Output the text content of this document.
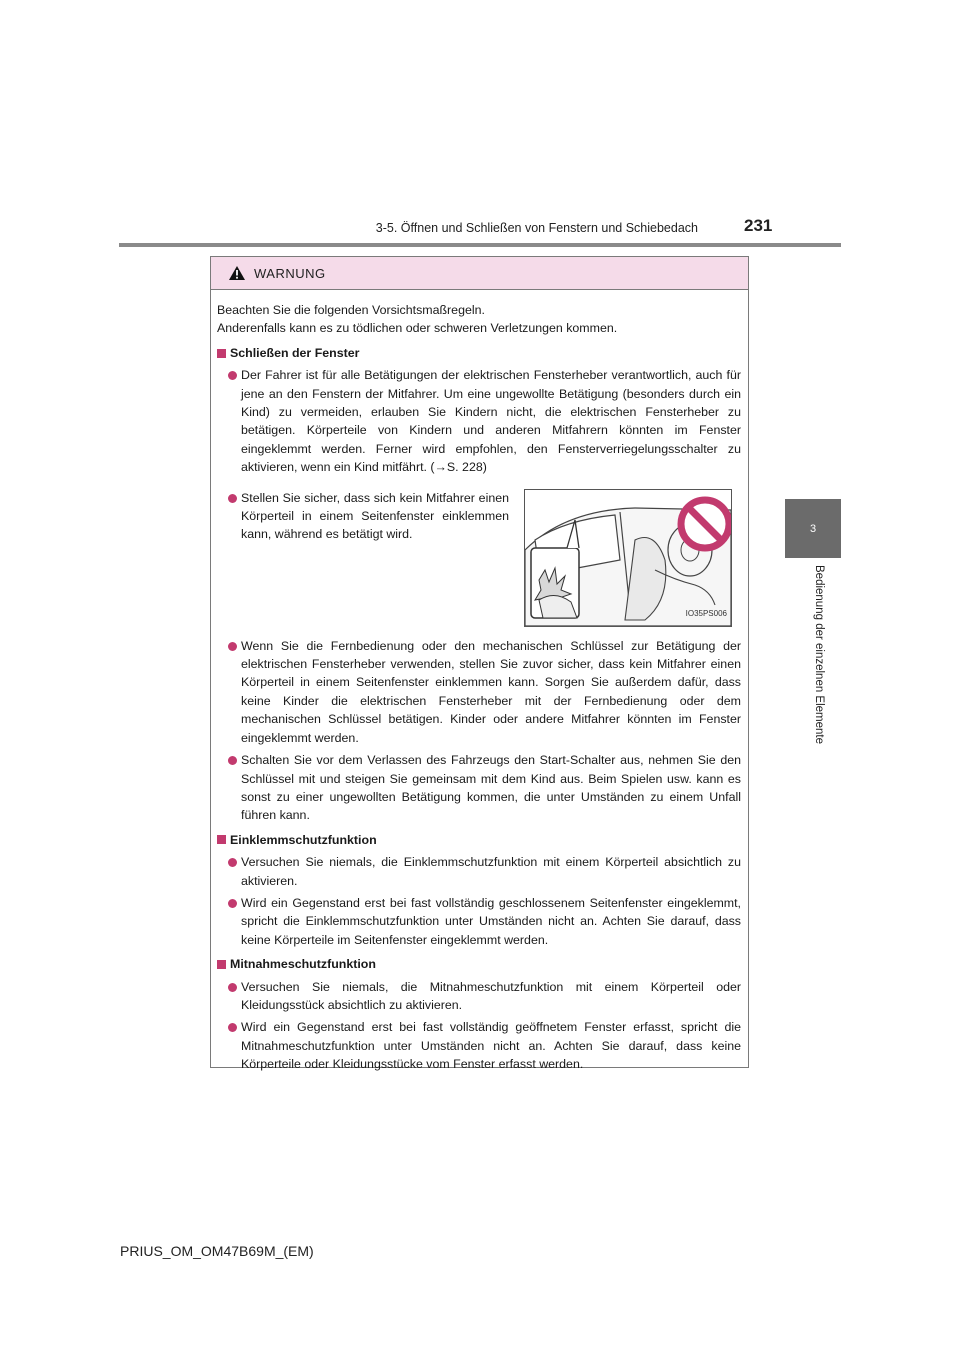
3-5. Öffnen und Schließen von Fenstern und Schiebedach	231
3
Bedienung der einzelnen Elemente
WARNUNG

Beachten Sie die folgenden Vorsichtsmaßregeln.

Anderenfalls kann es zu tödlichen oder schweren Verletzungen kommen.

Schließen der Fenster
Der Fahrer ist für alle Betätigungen der elektrischen Fensterheber verantwortlich, auch für jene an den Fenstern der Mitfahrer. Um eine ungewollte Betätigung (besonders durch ein Kind) zu vermeiden, erlauben Sie Kindern nicht, die elektrischen Fensterheber zu betätigen. Körperteile von Kindern und anderen Mitfahrern könnten im Fenster eingeklemmt werden. Ferner wird empfohlen, den Fensterverriegelungsschalter zu aktivieren, wenn ein Kind mitfährt. (→S. 228)
Stellen Sie sicher, dass sich kein Mitfahrer einen Körperteil in einem Seitenfenster einklemmen kann, während es betätigt wird.
IO35PS006
Wenn Sie die Fernbedienung oder den mechanischen Schlüssel zur Betätigung der elektrischen Fensterheber verwenden, stellen Sie zuvor sicher, dass kein Mitfahrer einen Körperteil in einem Seitenfenster einklemmen kann. Sorgen Sie außerdem dafür, dass keine Kinder die elektrischen Fensterheber mit der Fernbedienung oder dem mechanischen Schlüssel betätigen. Kinder oder andere Mitfahrer könnten im Fenster eingeklemmt werden.
Schalten Sie vor dem Verlassen des Fahrzeugs den Start-Schalter aus, nehmen Sie den Schlüssel mit und steigen Sie gemeinsam mit dem Kind aus. Beim Spielen usw. kann es sonst zu einer ungewollten Betätigung kommen, die unter Umständen zu einem Unfall führen kann.
Einklemmschutzfunktion
Versuchen Sie niemals, die Einklemmschutzfunktion mit einem Körperteil absichtlich zu aktivieren.
Wird ein Gegenstand erst bei fast vollständig geschlossenem Seitenfenster eingeklemmt, spricht die Einklemmschutzfunktion unter Umständen nicht an. Achten Sie darauf, dass keine Körperteile im Seitenfenster eingeklemmt werden.
Mitnahmeschutzfunktion
Versuchen Sie niemals, die Mitnahmeschutzfunktion mit einem Körperteil oder Kleidungsstück absichtlich zu aktivieren.
Wird ein Gegenstand erst bei fast vollständig geöffnetem Fenster erfasst, spricht die Mitnahmeschutzfunktion unter Umständen nicht an. Achten Sie darauf, dass keine Körperteile oder Kleidungsstücke vom Fenster erfasst werden.
PRIUS_OM_OM47B69M_(EM)
